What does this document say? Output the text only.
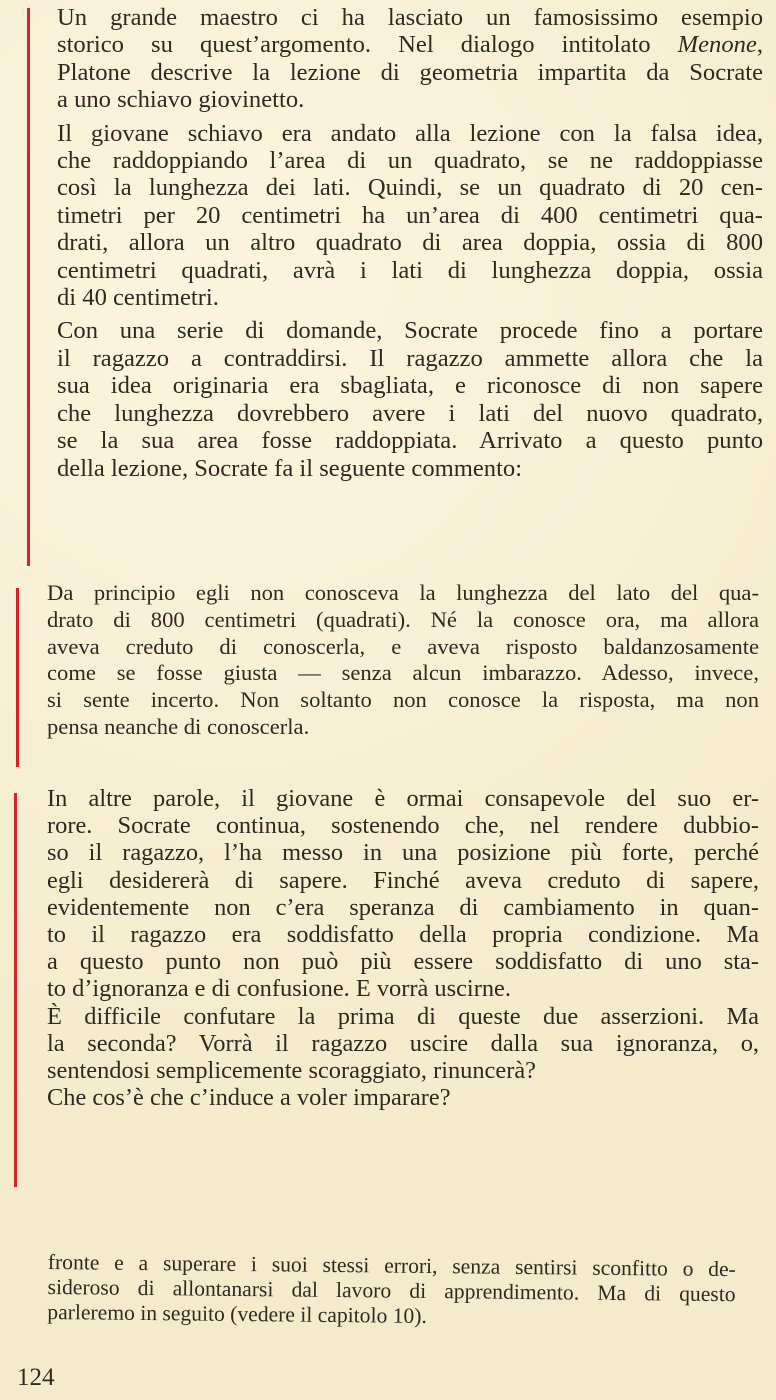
Un grande maestro ci ha lasciato un famosissimo esempio
storico su quest’argomento. Nel dialogo intitolato Menone,
Platone descrive la lezione di geometria impartita da Socrate
a uno schiavo giovinetto.
Il giovane schiavo era andato alla lezione con la falsa idea,
che raddoppiando l’area di un quadrato, se ne raddoppiasse
così la lunghezza dei lati. Quindi, se un quadrato di 20 cen-
timetri per 20 centimetri ha un’area di 400 centimetri qua-
drati, allora un altro quadrato di area doppia, ossia di 800
centimetri quadrati, avrà i lati di lunghezza doppia, ossia
di 40 centimetri.
Con una serie di domande, Socrate procede fino a portare
il ragazzo a contraddirsi. Il ragazzo ammette allora che la
sua idea originaria era sbagliata, e riconosce di non sapere
che lunghezza dovrebbero avere i lati del nuovo quadrato,
se la sua area fosse raddoppiata. Arrivato a questo punto
della lezione, Socrate fa il seguente commento:
Da principio egli non conosceva la lunghezza del lato del qua-
drato di 800 centimetri (quadrati). Né la conosce ora, ma allora
aveva creduto di conoscerla, e aveva risposto baldanzosamente
come se fosse giusta — senza alcun imbarazzo. Adesso, invece,
si sente incerto. Non soltanto non conosce la risposta, ma non
pensa neanche di conoscerla.
In altre parole, il giovane è ormai consapevole del suo er-
rore. Socrate continua, sostenendo che, nel rendere dubbio-
so il ragazzo, l’ha messo in una posizione più forte, perché
egli desidererà di sapere. Finché aveva creduto di sapere,
evidentemente non c’era speranza di cambiamento in quan-
to il ragazzo era soddisfatto della propria condizione. Ma
a questo punto non può più essere soddisfatto di uno sta-
to d’ignoranza e di confusione. E vorrà uscirne.
È difficile confutare la prima di queste due asserzioni. Ma
la seconda? Vorrà il ragazzo uscire dalla sua ignoranza, o,
sentendosi semplicemente scoraggiato, rinuncerà?
Che cos’è che c’induce a voler imparare?
fronte e a superare i suoi stessi errori, senza sentirsi sconfitto o de-
sideroso di allontanarsi dal lavoro di apprendimento. Ma di questo
parleremo in seguito (vedere il capitolo 10).
124
